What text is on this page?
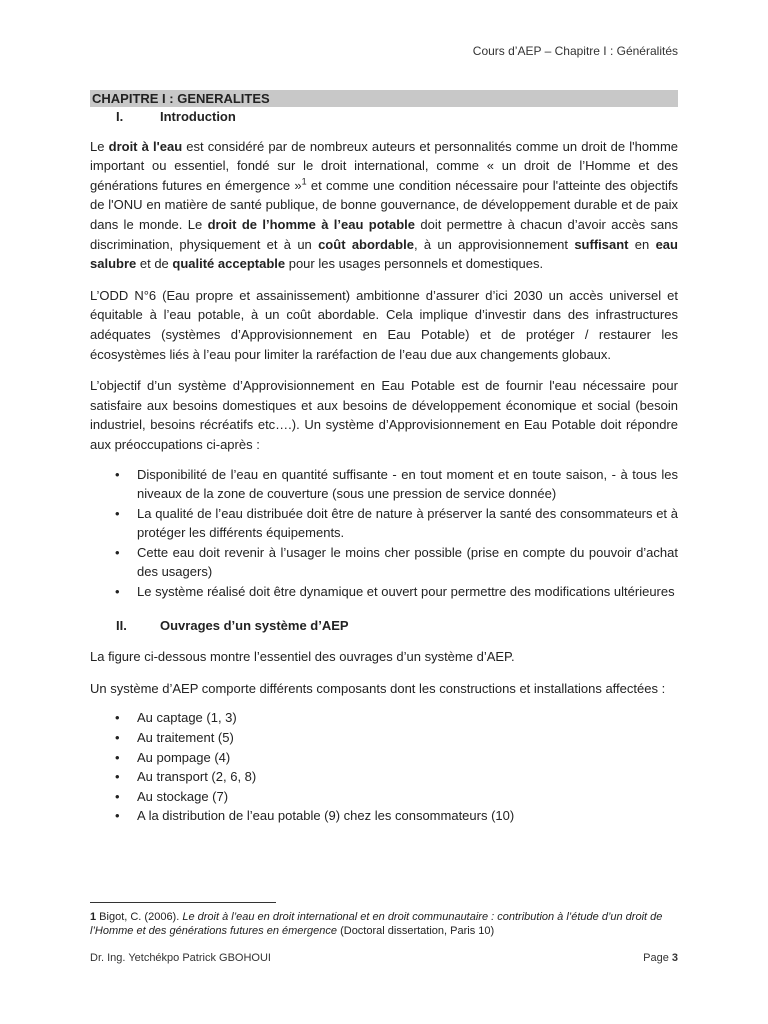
Cours d’AEP – Chapitre I : Généralités
CHAPITRE I : GENERALITES
I.	Introduction

Le droit à l'eau est considéré par de nombreux auteurs et personnalités comme un droit de l'homme important ou essentiel, fondé sur le droit international, comme « un droit de l’Homme et des générations futures en émergence »$^1$ et comme une condition nécessaire pour l'atteinte des objectifs de l'ONU en matière de santé publique, de bonne gouvernance, de développement durable et de paix dans le monde. Le droit de l’homme à l’eau potable doit permettre à chacun d’avoir accès sans discrimination, physiquement et à un coût abordable, à un approvisionnement suffisant en eau salubre et de qualité acceptable pour les usages personnels et domestiques.

L’ODD N°6 (Eau propre et assainissement) ambitionne d’assurer d’ici 2030 un accès universel et équitable à l’eau potable, à un coût abordable. Cela implique d’investir dans des infrastructures adéquates (systèmes d’Approvisionnement en Eau Potable) et de protéger / restaurer les écosystèmes liés à l’eau pour limiter la raréfaction de l’eau due aux changements globaux.

L’objectif d’un système d’Approvisionnement en Eau Potable est de fournir l'eau nécessaire pour satisfaire aux besoins domestiques et aux besoins de développement économique et social (besoin industriel, besoins récréatifs etc….). Un système d’Approvisionnement en Eau Potable doit répondre aux préoccupations ci-après :

• Disponibilité de l’eau en quantité suffisante - en tout moment et en toute saison, - à tous les niveaux de la zone de couverture (sous une pression de service donnée)
• La qualité de l’eau distribuée doit être de nature à préserver la santé des consommateurs et à protéger les différents équipements.
• Cette eau doit revenir à l’usager le moins cher possible (prise en compte du pouvoir d’achat des usagers)
• Le système réalisé doit être dynamique et ouvert pour permettre des modifications ultérieures
II.	Ouvrages d’un système d’AEP

La figure ci-dessous montre l’essentiel des ouvrages d’un système d’AEP.

Un système d’AEP comporte différents composants dont les constructions et installations affectées :

• Au captage (1, 3)
• Au traitement (5)
• Au pompage (4)
• Au transport (2, 6, 8)
• Au stockage (7)
• A la distribution de l’eau potable (9) chez les consommateurs (10)
1 Bigot, C. (2006). Le droit à l’eau en droit international et en droit communautaire : contribution à l’étude d’un droit de l’Homme et des générations futures en émergence (Doctoral dissertation, Paris 10)
Dr. Ing. Yetchékpo Patrick GBOHOUI	Page 3
